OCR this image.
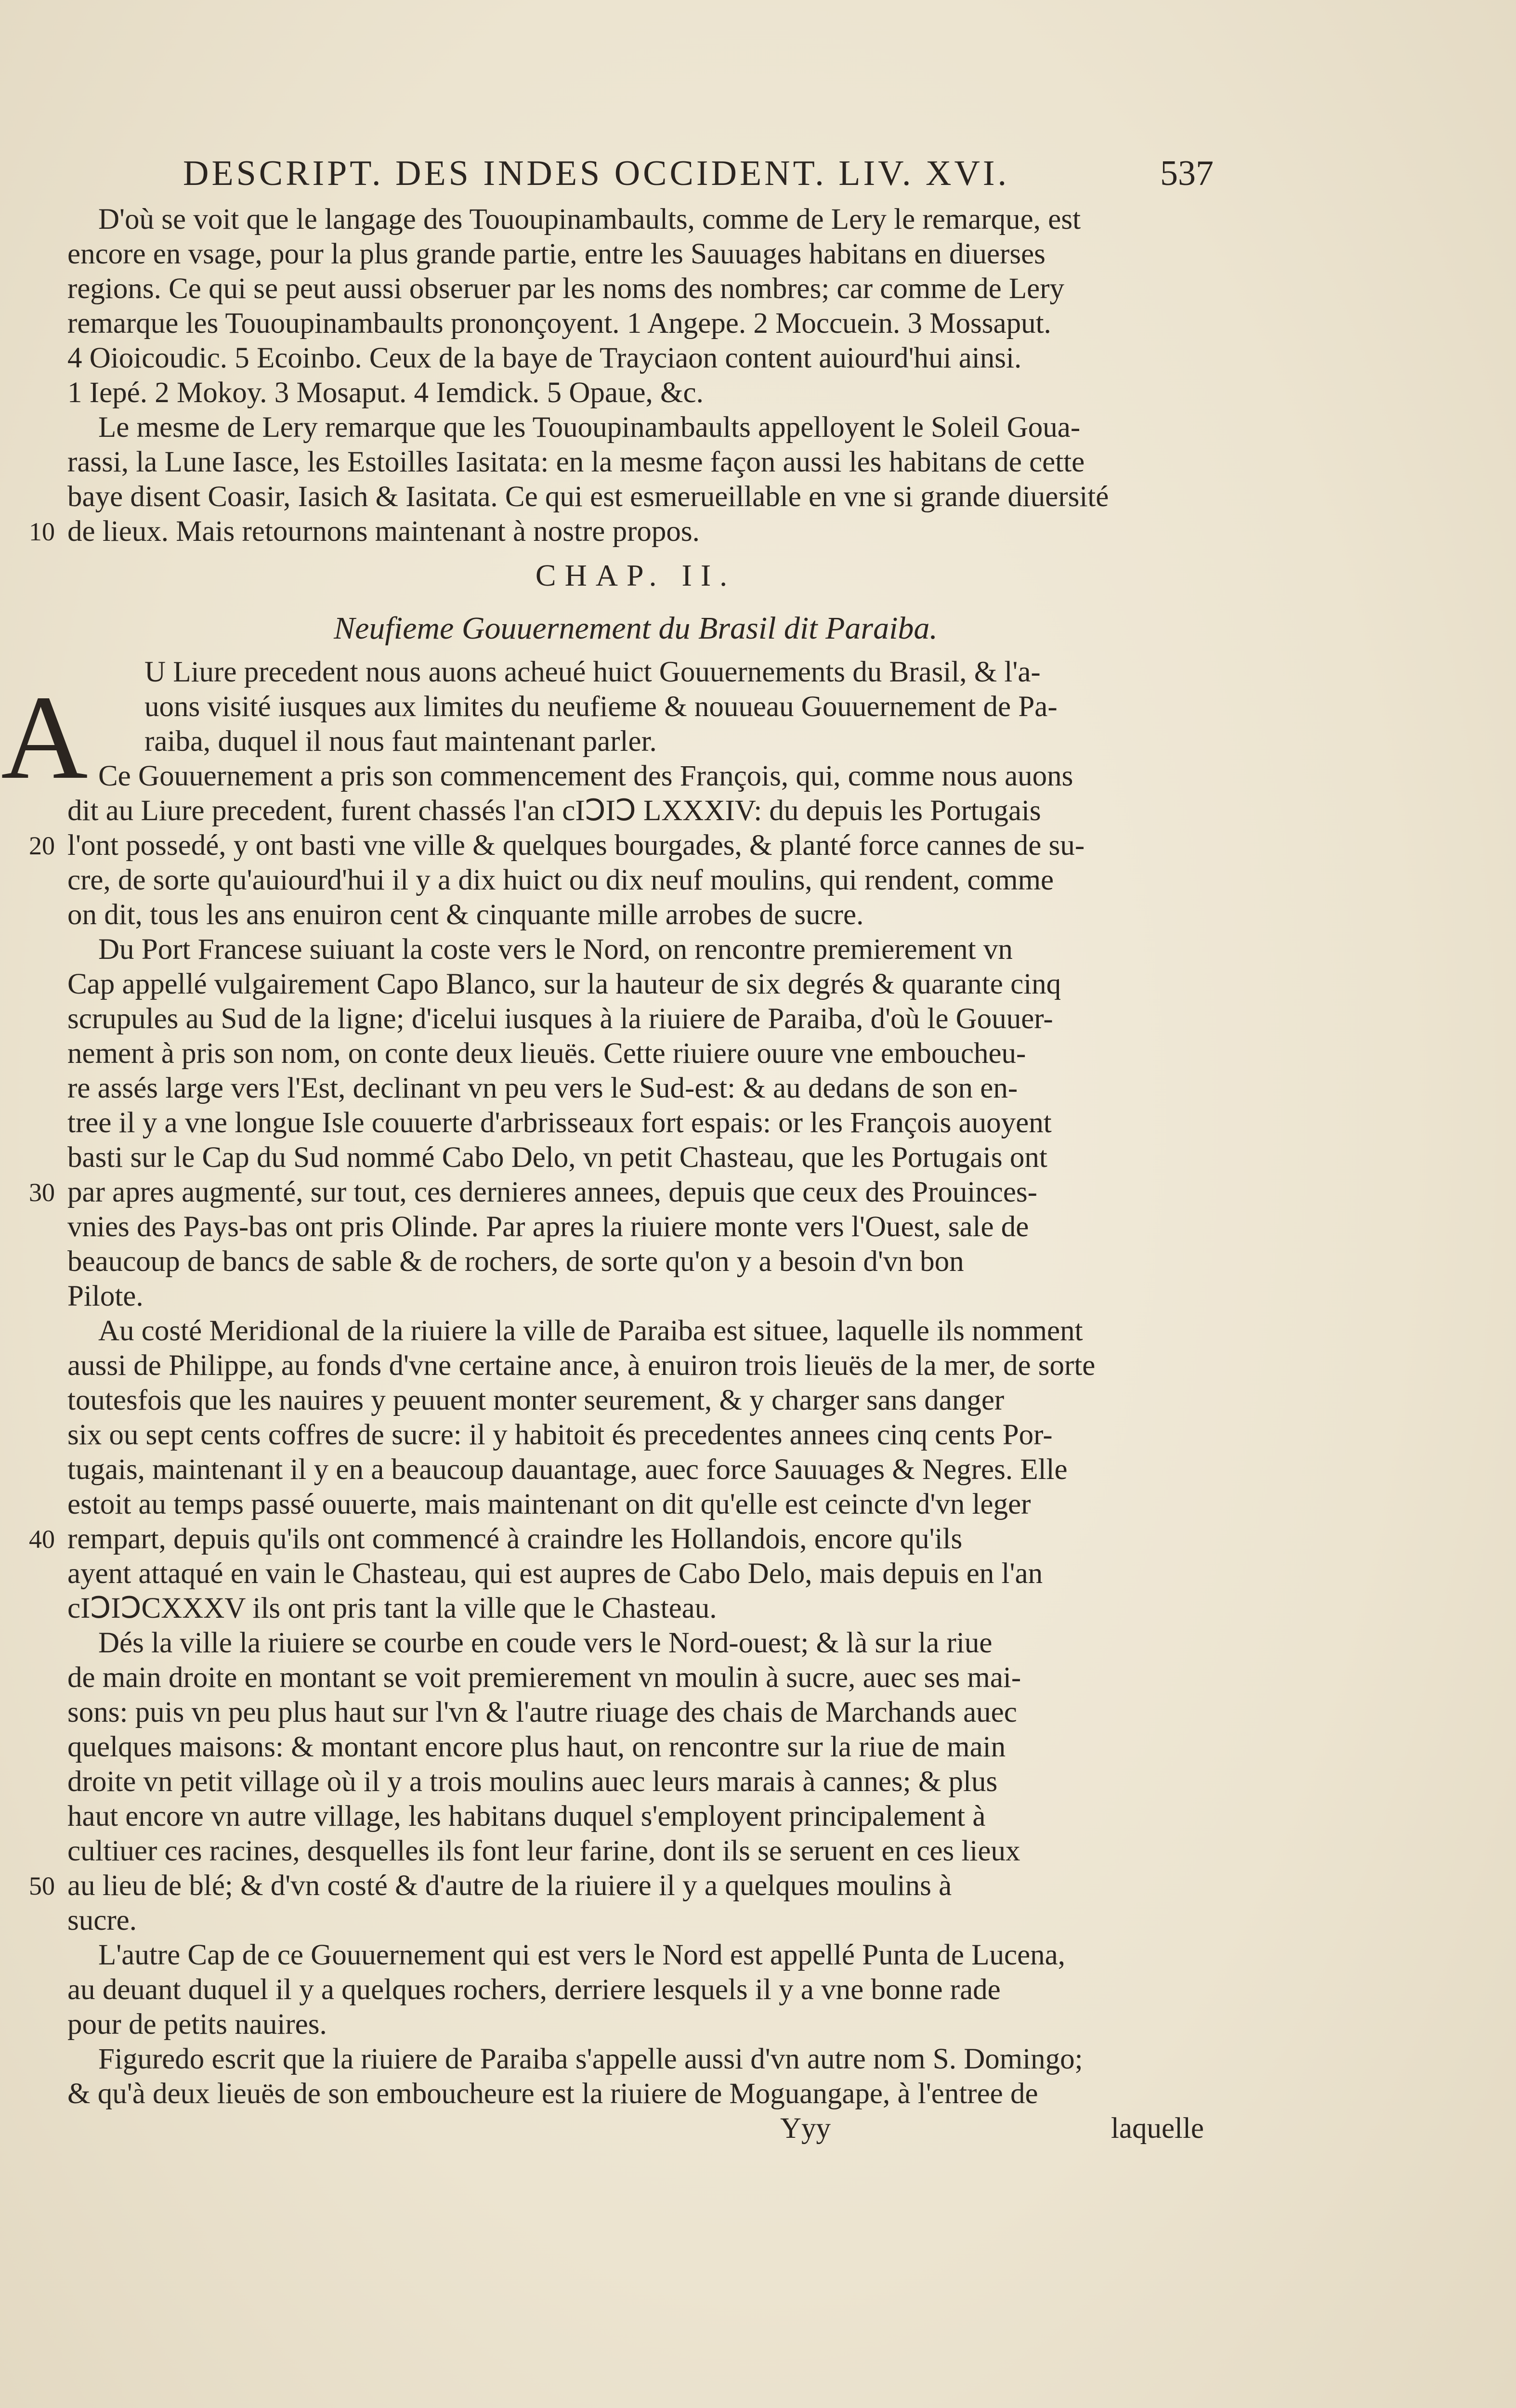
DESCRIPT. DES INDES OCCIDENT. LIV. XVI.	537
A
D'où se voit que le langage des Tououpinambaults, comme de Lery le remarque, est
encore en vsage, pour la plus grande partie, entre les Sauuages habitans en diuerses
regions. Ce qui se peut aussi obseruer par les noms des nombres; car comme de Lery
remarque les Tououpinambaults prononçoyent. 1 Angepe. 2 Moccuein. 3 Mossaput.
4 Oioicoudic. 5 Ecoinbo. Ceux de la baye de Trayciaon content auiourd'hui ainsi.
1 Iepé. 2 Mokoy. 3 Mosaput. 4 Iemdick. 5 Opaue, &c.
Le mesme de Lery remarque que les Tououpinambaults appelloyent le Soleil Goua-
rassi, la Lune Iasce, les Estoilles Iasitata: en la mesme façon aussi les habitans de cette
baye disent Coasir, Iasich & Iasitata. Ce qui est esmerueillable en vne si grande diuersité
10 de lieux. Mais retournons maintenant à nostre propos.
CHAP. II.
Neufieme Gouuernement du Brasil dit Paraiba.
U Liure precedent nous auons acheué huict Gouuernements du Brasil, & l'a-
uons visité iusques aux limites du neufieme & nouueau Gouuernement de Pa-
raiba, duquel il nous faut maintenant parler.
Ce Gouuernement a pris son commencement des François, qui, comme nous auons
dit au Liure precedent, furent chassés l'an cIↃIↃ LXXXIV: du depuis les Portugais
20 l'ont possedé, y ont basti vne ville & quelques bourgades, & planté force cannes de su-
cre, de sorte qu'auiourd'hui il y a dix huict ou dix neuf moulins, qui rendent, comme
on dit, tous les ans enuiron cent & cinquante mille arrobes de sucre.
Du Port Francese suiuant la coste vers le Nord, on rencontre premierement vn
Cap appellé vulgairement Capo Blanco, sur la hauteur de six degrés & quarante cinq
scrupules au Sud de la ligne; d'icelui iusques à la riuiere de Paraiba, d'où le Gouuer-
nement à pris son nom, on conte deux lieuës. Cette riuiere ouure vne emboucheu-
re assés large vers l'Est, declinant vn peu vers le Sud-est: & au dedans de son en-
tree il y a vne longue Isle couuerte d'arbrisseaux fort espais: or les François auoyent
basti sur le Cap du Sud nommé Cabo Delo, vn petit Chasteau, que les Portugais ont
30 par apres augmenté, sur tout, ces dernieres annees, depuis que ceux des Prouinces-
vnies des Pays-bas ont pris Olinde. Par apres la riuiere monte vers l'Ouest, sale de
beaucoup de bancs de sable & de rochers, de sorte qu'on y a besoin d'vn bon
Pilote.
Au costé Meridional de la riuiere la ville de Paraiba est situee, laquelle ils nomment
aussi de Philippe, au fonds d'vne certaine ance, à enuiron trois lieuës de la mer, de sorte
toutesfois que les nauires y peuuent monter seurement, & y charger sans danger
six ou sept cents coffres de sucre: il y habitoit és precedentes annees cinq cents Por-
tugais, maintenant il y en a beaucoup dauantage, auec force Sauuages & Negres. Elle
estoit au temps passé ouuerte, mais maintenant on dit qu'elle est ceincte d'vn leger
40 rempart, depuis qu'ils ont commencé à craindre les Hollandois, encore qu'ils
ayent attaqué en vain le Chasteau, qui est aupres de Cabo Delo, mais depuis en l'an
cIↃIↃCXXXV ils ont pris tant la ville que le Chasteau.
Dés la ville la riuiere se courbe en coude vers le Nord-ouest; & là sur la riue
de main droite en montant se voit premierement vn moulin à sucre, auec ses mai-
sons: puis vn peu plus haut sur l'vn & l'autre riuage des chais de Marchands auec
quelques maisons: & montant encore plus haut, on rencontre sur la riue de main
droite vn petit village où il y a trois moulins auec leurs marais à cannes; & plus
haut encore vn autre village, les habitans duquel s'employent principalement à
cultiuer ces racines, desquelles ils font leur farine, dont ils se seruent en ces lieux
50 au lieu de blé; & d'vn costé & d'autre de la riuiere il y a quelques moulins à
sucre.
L'autre Cap de ce Gouuernement qui est vers le Nord est appellé Punta de Lucena,
au deuant duquel il y a quelques rochers, derriere lesquels il y a vne bonne rade
pour de petits nauires.
Figuredo escrit que la riuiere de Paraiba s'appelle aussi d'vn autre nom S. Domingo;
& qu'à deux lieuës de son emboucheure est la riuiere de Moguangape, à l'entree de
Yyy	laquelle
